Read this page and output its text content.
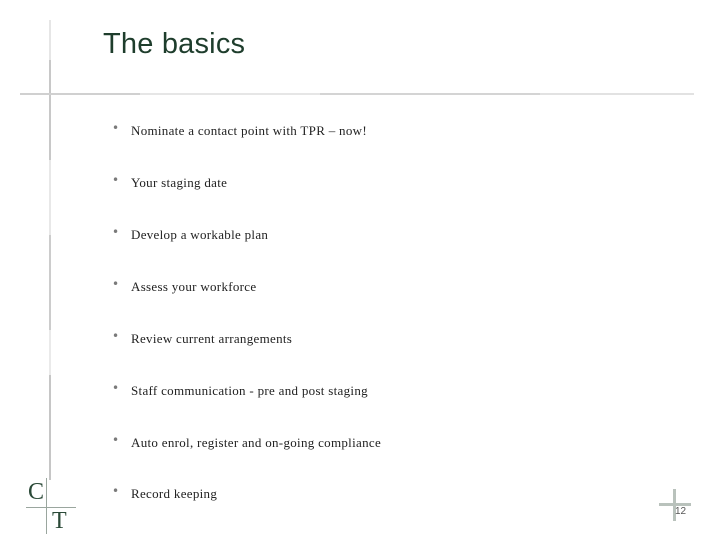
The basics
• Nominate a contact point with TPR – now!
• Your staging date
• Develop a workable plan
• Assess your workforce
• Review current arrangements
• Staff communication - pre and post staging
• Auto enrol, register and on-going compliance
• Record keeping
C
T	12
